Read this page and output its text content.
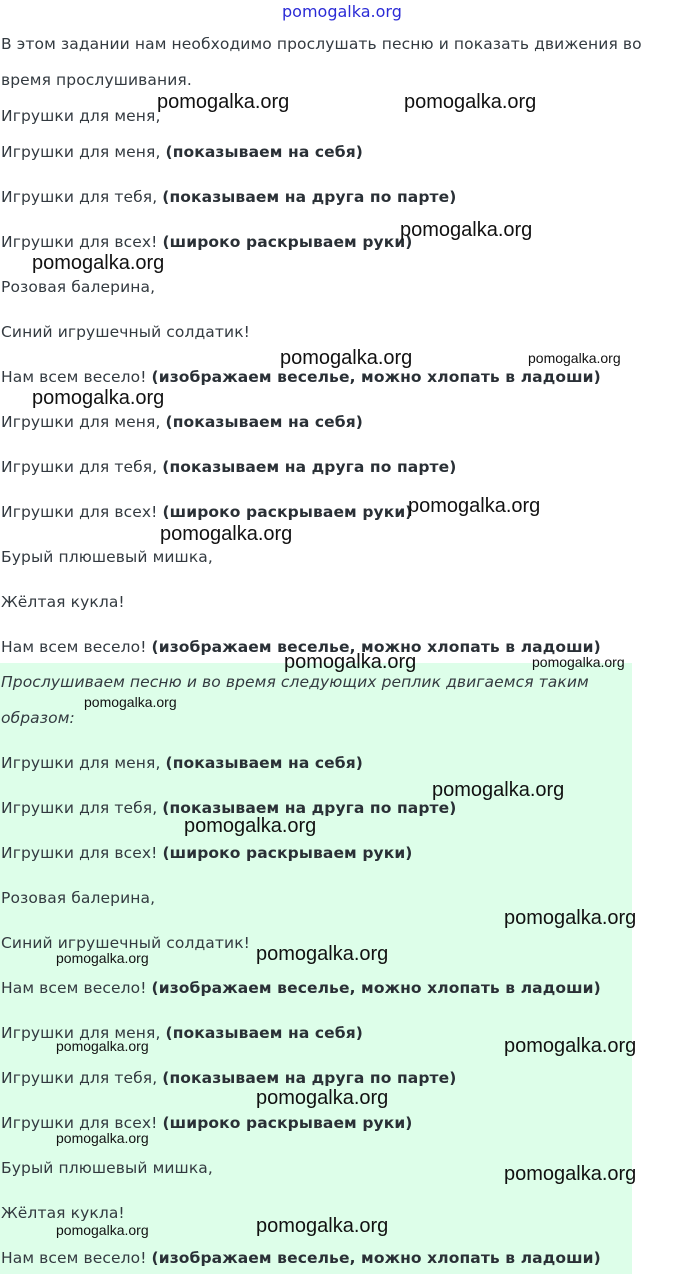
pomogalka.org
В этом задании нам необходимо прослушать песню и показать движения во
время прослушивания.
Игрушки для меня,
Игрушки для меня, (показываем на себя)
Игрушки для тебя, (показываем на друга по парте)
Игрушки для всех! (широко раскрываем руки)
Розовая балерина,
Синий игрушечный солдатик!
Нам всем весело! (изображаем веселье, можно хлопать в ладоши)
Игрушки для меня, (показываем на себя)
Игрушки для тебя, (показываем на друга по парте)
Игрушки для всех! (широко раскрываем руки)
Бурый плюшевый мишка,
Жёлтая кукла!
Нам всем весело! (изображаем веселье, можно хлопать в ладоши)
Прослушиваем песню и во время следующих реплик двигаемся таким
образом:
Игрушки для меня, (показываем на себя)
Игрушки для тебя, (показываем на друга по парте)
Игрушки для всех! (широко раскрываем руки)
Розовая балерина,
Синий игрушечный солдатик!
Нам всем весело! (изображаем веселье, можно хлопать в ладоши)
Игрушки для меня, (показываем на себя)
Игрушки для тебя, (показываем на друга по парте)
Игрушки для всех! (широко раскрываем руки)
Бурый плюшевый мишка,
Жёлтая кукла!
Нам всем весело! (изображаем веселье, можно хлопать в ладоши)
pomogalka.org	pomogalka.org
pomogalka.org
pomogalka.org
pomogalka.org	pomogalka.org
pomogalka.org
pomogalka.org
pomogalka.org
pomogalka.org	pomogalka.org
pomogalka.org
pomogalka.org
pomogalka.org
pomogalka.org
pomogalka.org
pomogalka.org
pomogalka.org
pomogalka.org
pomogalka.org
pomogalka.org
pomogalka.org
pomogalka.org
pomogalka.org
